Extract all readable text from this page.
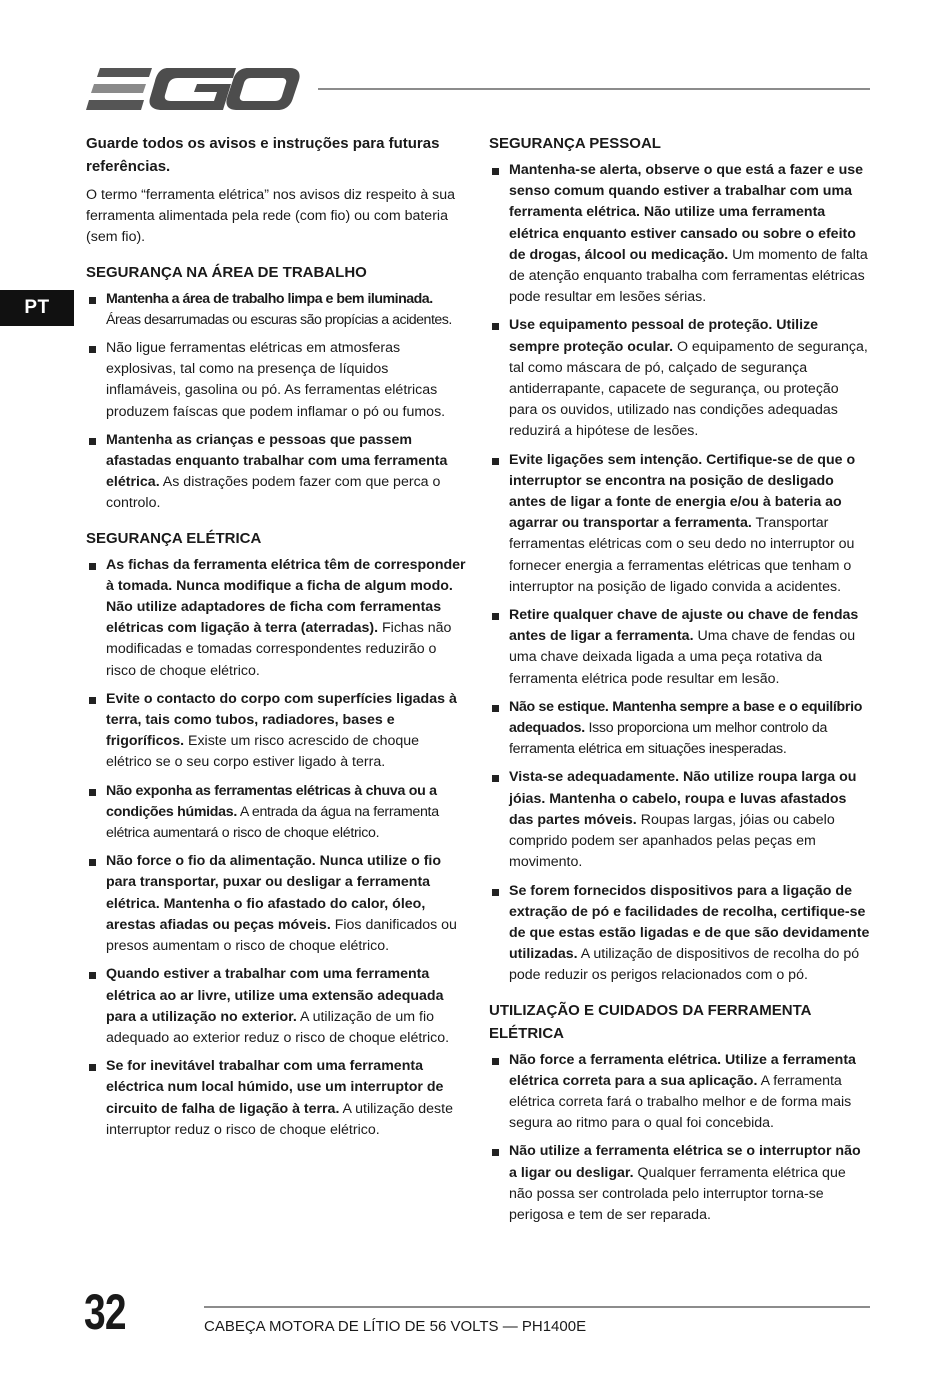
PT

Guarde todos os avisos e instruções para futuras referências.

O termo “ferramenta elétrica” nos avisos diz respeito à sua ferramenta alimentada pela rede (com fio) ou com bateria (sem fio).

SEGURANÇA NA ÁREA DE TRABALHO
Mantenha a área de trabalho limpa e bem iluminada. Áreas desarrumadas ou escuras são propícias a acidentes.
Não ligue ferramentas elétricas em atmosferas explosivas, tal como na presença de líquidos inflamáveis, gasolina ou pó. As ferramentas elétricas produzem faíscas que podem inflamar o pó ou fumos.
Mantenha as crianças e pessoas que passem afastadas enquanto trabalhar com uma ferramenta elétrica. As distrações podem fazer com que perca o controlo.
SEGURANÇA ELÉTRICA
As fichas da ferramenta elétrica têm de corresponder à tomada. Nunca modifique a ficha de algum modo. Não utilize adaptadores de ficha com ferramentas elétricas com ligação à terra (aterradas). Fichas não modificadas e tomadas correspondentes reduzirão o risco de choque elétrico.
Evite o contacto do corpo com superfícies ligadas à terra, tais como tubos, radiadores, bases e frigoríficos. Existe um risco acrescido de choque elétrico se o seu corpo estiver ligado à terra.
Não exponha as ferramentas elétricas à chuva ou a condições húmidas. A entrada da água na ferramenta elétrica aumentará o risco de choque elétrico.
Não force o fio da alimentação. Nunca utilize o fio para transportar, puxar ou desligar a ferramenta elétrica. Mantenha o fio afastado do calor, óleo, arestas afiadas ou peças móveis. Fios danificados ou presos aumentam o risco de choque elétrico.
Quando estiver a trabalhar com uma ferramenta elétrica ao ar livre, utilize uma extensão adequada para a utilização no exterior. A utilização de um fio adequado ao exterior reduz o risco de choque elétrico.
Se for inevitável trabalhar com uma ferramenta eléctrica num local húmido, use um interruptor de circuito de falha de ligação à terra. A utilização deste interruptor reduz o risco de choque elétrico.
SEGURANÇA PESSOAL
Mantenha-se alerta, observe o que está a fazer e use senso comum quando estiver a trabalhar com uma ferramenta elétrica. Não utilize uma ferramenta elétrica enquanto estiver cansado ou sobre o efeito de drogas, álcool ou medicação. Um momento de falta de atenção enquanto trabalha com ferramentas elétricas pode resultar em lesões sérias.
Use equipamento pessoal de proteção. Utilize sempre proteção ocular. O equipamento de segurança, tal como máscara de pó, calçado de segurança antiderrapante, capacete de segurança, ou proteção para os ouvidos, utilizado nas condições adequadas reduzirá a hipótese de lesões.
Evite ligações sem intenção. Certifique-se de que o interruptor se encontra na posição de desligado antes de ligar a fonte de energia e/ou à bateria ao agarrar ou transportar a ferramenta. Transportar ferramentas elétricas com o seu dedo no interruptor ou fornecer energia a ferramentas elétricas que tenham o interruptor na posição de ligado convida a acidentes.
Retire qualquer chave de ajuste ou chave de fendas antes de ligar a ferramenta. Uma chave de fendas ou uma chave deixada ligada a uma peça rotativa da ferramenta elétrica pode resultar em lesão.
Não se estique. Mantenha sempre a base e o equilíbrio adequados. Isso proporciona um melhor controlo da ferramenta elétrica em situações inesperadas.
Vista-se adequadamente. Não utilize roupa larga ou jóias. Mantenha o cabelo, roupa e luvas afastados das partes móveis. Roupas largas, jóias ou cabelo comprido podem ser apanhados pelas peças em movimento.
Se forem fornecidos dispositivos para a ligação de extração de pó e facilidades de recolha, certifique-se de que estas estão ligadas e de que são devidamente utilizadas. A utilização de dispositivos de recolha do pó pode reduzir os perigos relacionados com o pó.
UTILIZAÇÃO E CUIDADOS DA FERRAMENTA ELÉTRICA
Não force a ferramenta elétrica. Utilize a ferramenta elétrica correta para a sua aplicação. A ferramenta elétrica correta fará o trabalho melhor e de forma mais segura ao ritmo para o qual foi concebida.
Não utilize a ferramenta elétrica se o interruptor não a ligar ou desligar. Qualquer ferramenta elétrica que não possa ser controlada pelo interruptor torna-se perigosa e tem de ser reparada.
32	CABEÇA MOTORA DE LÍTIO DE 56 VOLTS — PH1400E
